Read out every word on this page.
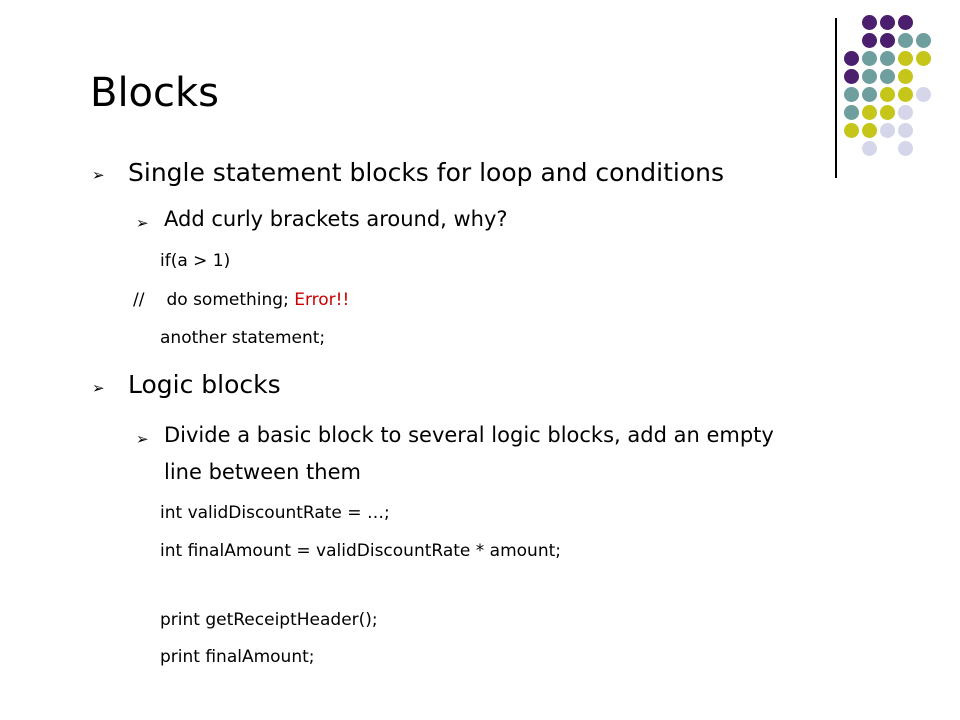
Blocks
➢ Single statement blocks for loop and conditions
➢ Add curly brackets around, why?
if(a > 1)
// do something; Error!!
another statement;
➢ Logic blocks
➢ Divide a basic block to several logic blocks, add an empty
line between them
int validDiscountRate = …;
int finalAmount = validDiscountRate * amount;
print getReceiptHeader();
print finalAmount;
